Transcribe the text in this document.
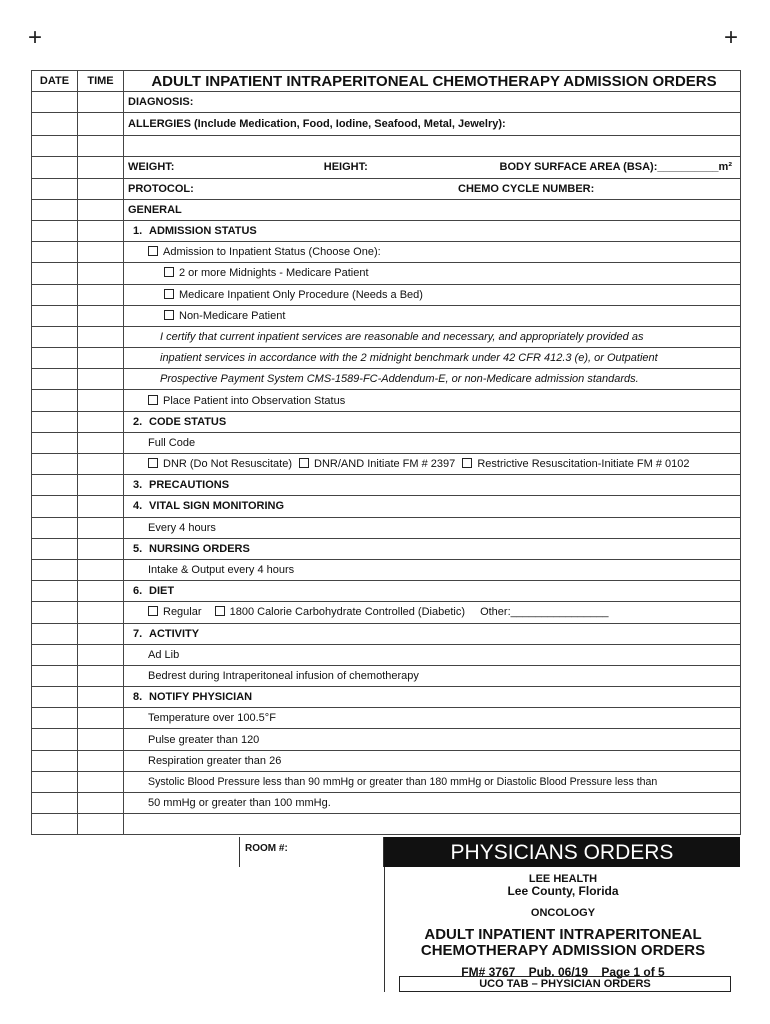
+	+
DATE	TIME	ADULT INPATIENT INTRAPERITONEAL CHEMOTHERAPY ADMISSION ORDERS
		DIAGNOSIS:
		ALLERGIES (Include Medication, Food, Iodine, Seafood, Metal, Jewelry):

		WEIGHT: HEIGHT: BODY SURFACE AREA (BSA):__________m²

		PROTOCOL: CHEMO CYCLE NUMBER:
		GENERAL
		1. ADMISSION STATUS
		Admission to Inpatient Status (Choose One):
		2 or more Midnights - Medicare Patient
		Medicare Inpatient Only Procedure (Needs a Bed)
		Non-Medicare Patient
		I certify that current inpatient services are reasonable and necessary, and appropriately provided as
		inpatient services in accordance with the 2 midnight benchmark under 42 CFR 412.3 (e), or Outpatient
		Prospective Payment System CMS-1589-FC-Addendum-E, or non-Medicare admission standards.
		Place Patient into Observation Status
		2. CODE STATUS
		Full Code
		DNR (Do Not Resuscitate) DNR/AND Initiate FM # 2397 Restrictive Resuscitation-Initiate FM # 0102
		3. PRECAUTIONS
		4. VITAL SIGN MONITORING
		Every 4 hours
		5. NURSING ORDERS
		Intake & Output every 4 hours
		6. DIET
		Regular 1800 Calorie Carbohydrate Controlled (Diabetic) Other:________________
		7. ACTIVITY
		Ad Lib
		Bedrest during Intraperitoneal infusion of chemotherapy
		8. NOTIFY PHYSICIAN
		Temperature over 100.5°F
		Pulse greater than 120
		Respiration greater than 26
		Systolic Blood Pressure less than 90 mmHg or greater than 180 mmHg or Diastolic Blood Pressure less than
		50 mmHg or greater than 100 mmHg.

ROOM #:	PHYSICIANS ORDERS
LEE HEALTH
Lee County, Florida
ONCOLOGY
ADULT INPATIENT INTRAPERITONEAL
CHEMOTHERAPY ADMISSION ORDERS
FM# 3767    Pub. 06/19    Page 1 of 5
UCO TAB – PHYSICIAN ORDERS
